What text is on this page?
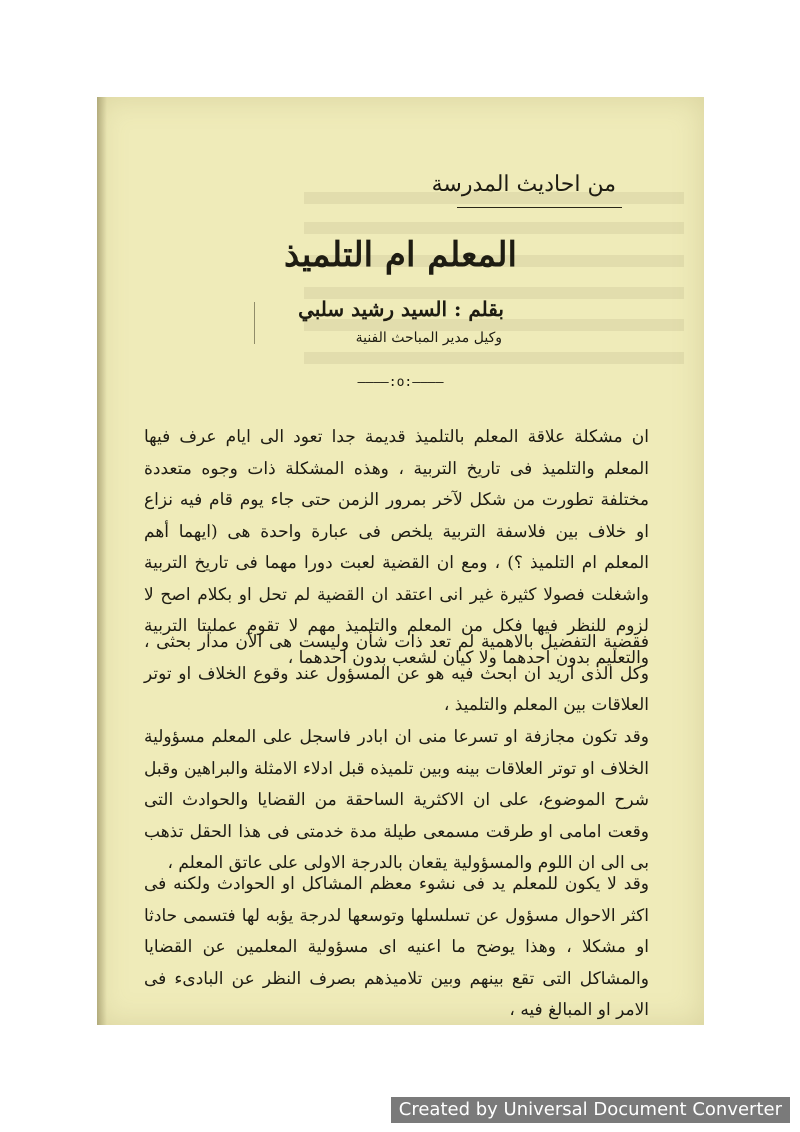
من احاديث المدرسة
المعلم ام التلميذ
بقلم : السيد رشيد سلبي
وكيل مدير المباحث الفنية
————:o:————
ان مشكلة علاقة المعلم بالتلميذ قديمة جدا تعود الى ايام عرف فيها المعلم والتلميذ فى تاريخ التربية ، وهذه المشكلة ذات وجوه متعددة مختلفة تطورت من شكل لآخر بمرور الزمن حتى جاء يوم قام فيه نزاع او خلاف بين فلاسفة التربية يلخص فى عبارة واحدة هى (ايهما أهم المعلم ام التلميذ ؟) ، ومع ان القضية لعبت دورا مهما فى تاريخ التربية واشغلت فصولا كثيرة غير انى اعتقد ان القضية لم تحل او بكلام اصح لا لزوم للنظر فيها فكل من المعلم والتلميذ مهم لا تقوم عمليتا التربية والتعليم بدون احدهما ولا كيان لشعب بدون احدهما ،
فقضية التفضيل بالاهمية لم تعد ذات شأن وليست هى الآن مدار بحثى ، وكل الذى اريد ان ابحث فيه هو عن المسؤول عند وقوع الخلاف او توتر العلاقات بين المعلم والتلميذ ،
وقد تكون مجازفة او تسرعا منى ان ابادر فاسجل على المعلم مسؤولية الخلاف او توتر العلاقات بينه وبين تلميذه قبل ادلاء الامثلة والبراهين وقبل شرح الموضوع، على ان الاكثرية الساحقة من القضايا والحوادث التى وقعت امامى او طرقت مسمعى طيلة مدة خدمتى فى هذا الحقل تذهب بى الى ان اللوم والمسؤولية يقعان بالدرجة الاولى على عاتق المعلم ،
وقد لا يكون للمعلم يد فى نشوء معظم المشاكل او الحوادث ولكنه فى اكثر الاحوال مسؤول عن تسلسلها وتوسعها لدرجة يؤبه لها فتسمى حادثا او مشكلا ، وهذا يوضح ما اعنيه اى مسؤولية المعلمين عن القضايا والمشاكل التى تقع بينهم وبين تلاميذهم بصرف النظر عن البادىء فى الامر او المبالغ فيه ،
Created by Universal Document Converter
